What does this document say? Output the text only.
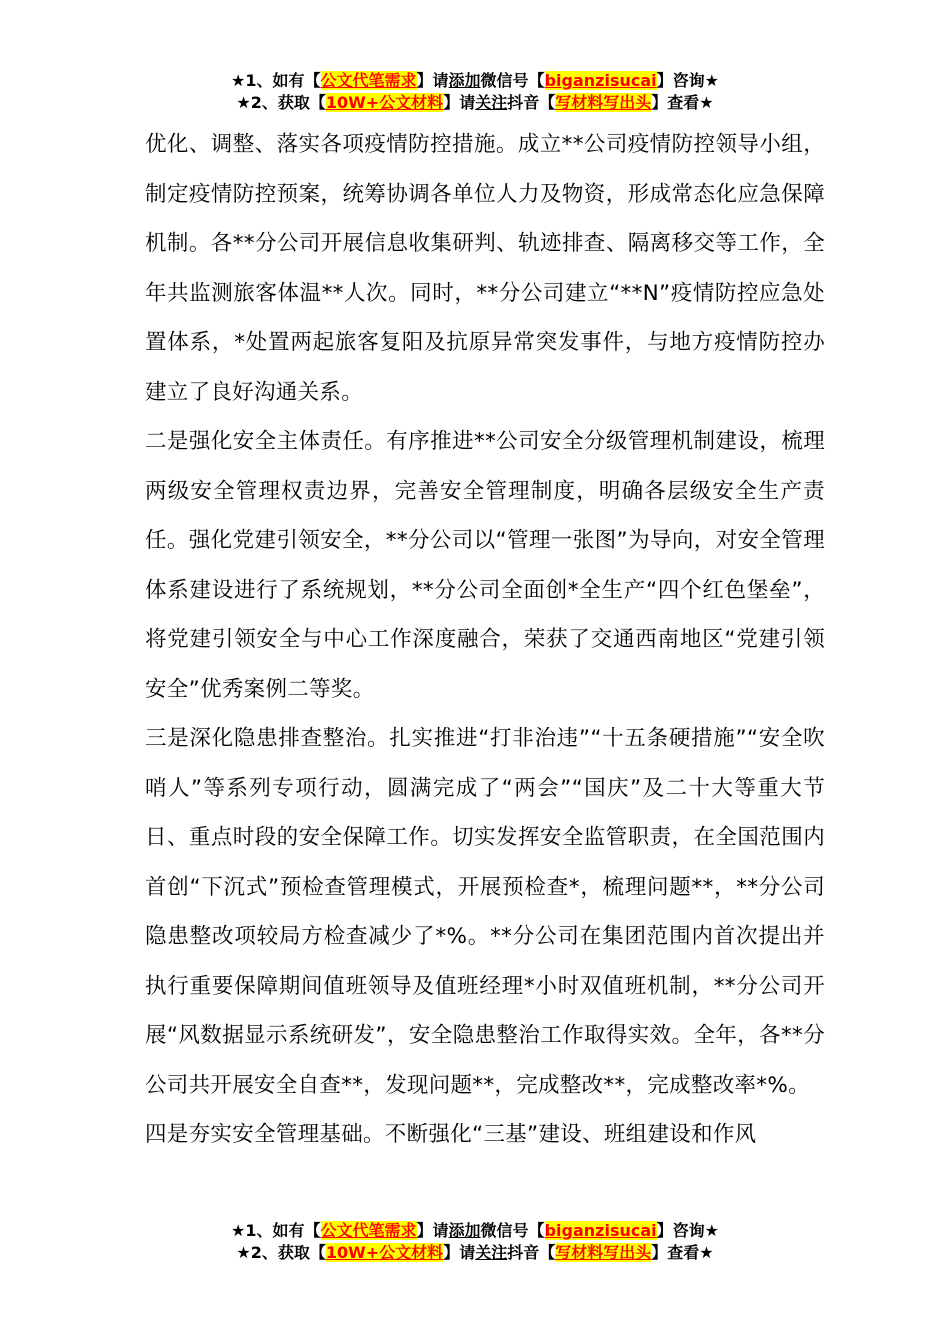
★1、如有【公文代笔需求】请添加微信号【biganzisucai】咨询★
★2、获取【10W+公文材料】请关注抖音【写材料写出头】查看★

优化、调整、落实各项疫情防控措施。成立**公司疫情防控领导小组，制定疫情防控预案，统筹协调各单位人力及物资，形成常态化应急保障机制。各**分公司开展信息收集研判、轨迹排查、隔离移交等工作，全年共监测旅客体温**人次。同时，**分公司建立“**N”疫情防控应急处置体系，*处置两起旅客复阳及抗原异常突发事件，与地方疫情防控办建立了良好沟通关系。

二是强化安全主体责任。有序推进**公司安全分级管理机制建设，梳理两级安全管理权责边界，完善安全管理制度，明确各层级安全生产责任。强化党建引领安全，**分公司以“管理一张图”为导向，对安全管理体系建设进行了系统规划，**分公司全面创*全生产“四个红色堡垒”，将党建引领安全与中心工作深度融合，荣获了交通西南地区“党建引领安全”优秀案例二等奖。

三是深化隐患排查整治。扎实推进“打非治违”“十五条硬措施”“安全吹哨人”等系列专项行动，圆满完成了“两会”“国庆”及二十大等重大节日、重点时段的安全保障工作。切实发挥安全监管职责，在全国范围内首创“下沉式”预检查管理模式，开展预检查*，梳理问题**，**分公司隐患整改项较局方检查减少了*%。**分公司在集团范围内首次提出并执行重要保障期间值班领导及值班经理*小时双值班机制，**分公司开展“风数据显示系统研发”，安全隐患整治工作取得实效。全年，各**分公司共开展安全自查**，发现问题**，完成整改**，完成整改率*%。

四是夯实安全管理基础。不断强化“三基”建设、班组建设和作风

★1、如有【公文代笔需求】请添加微信号【biganzisucai】咨询★
★2、获取【10W+公文材料】请关注抖音【写材料写出头】查看★
